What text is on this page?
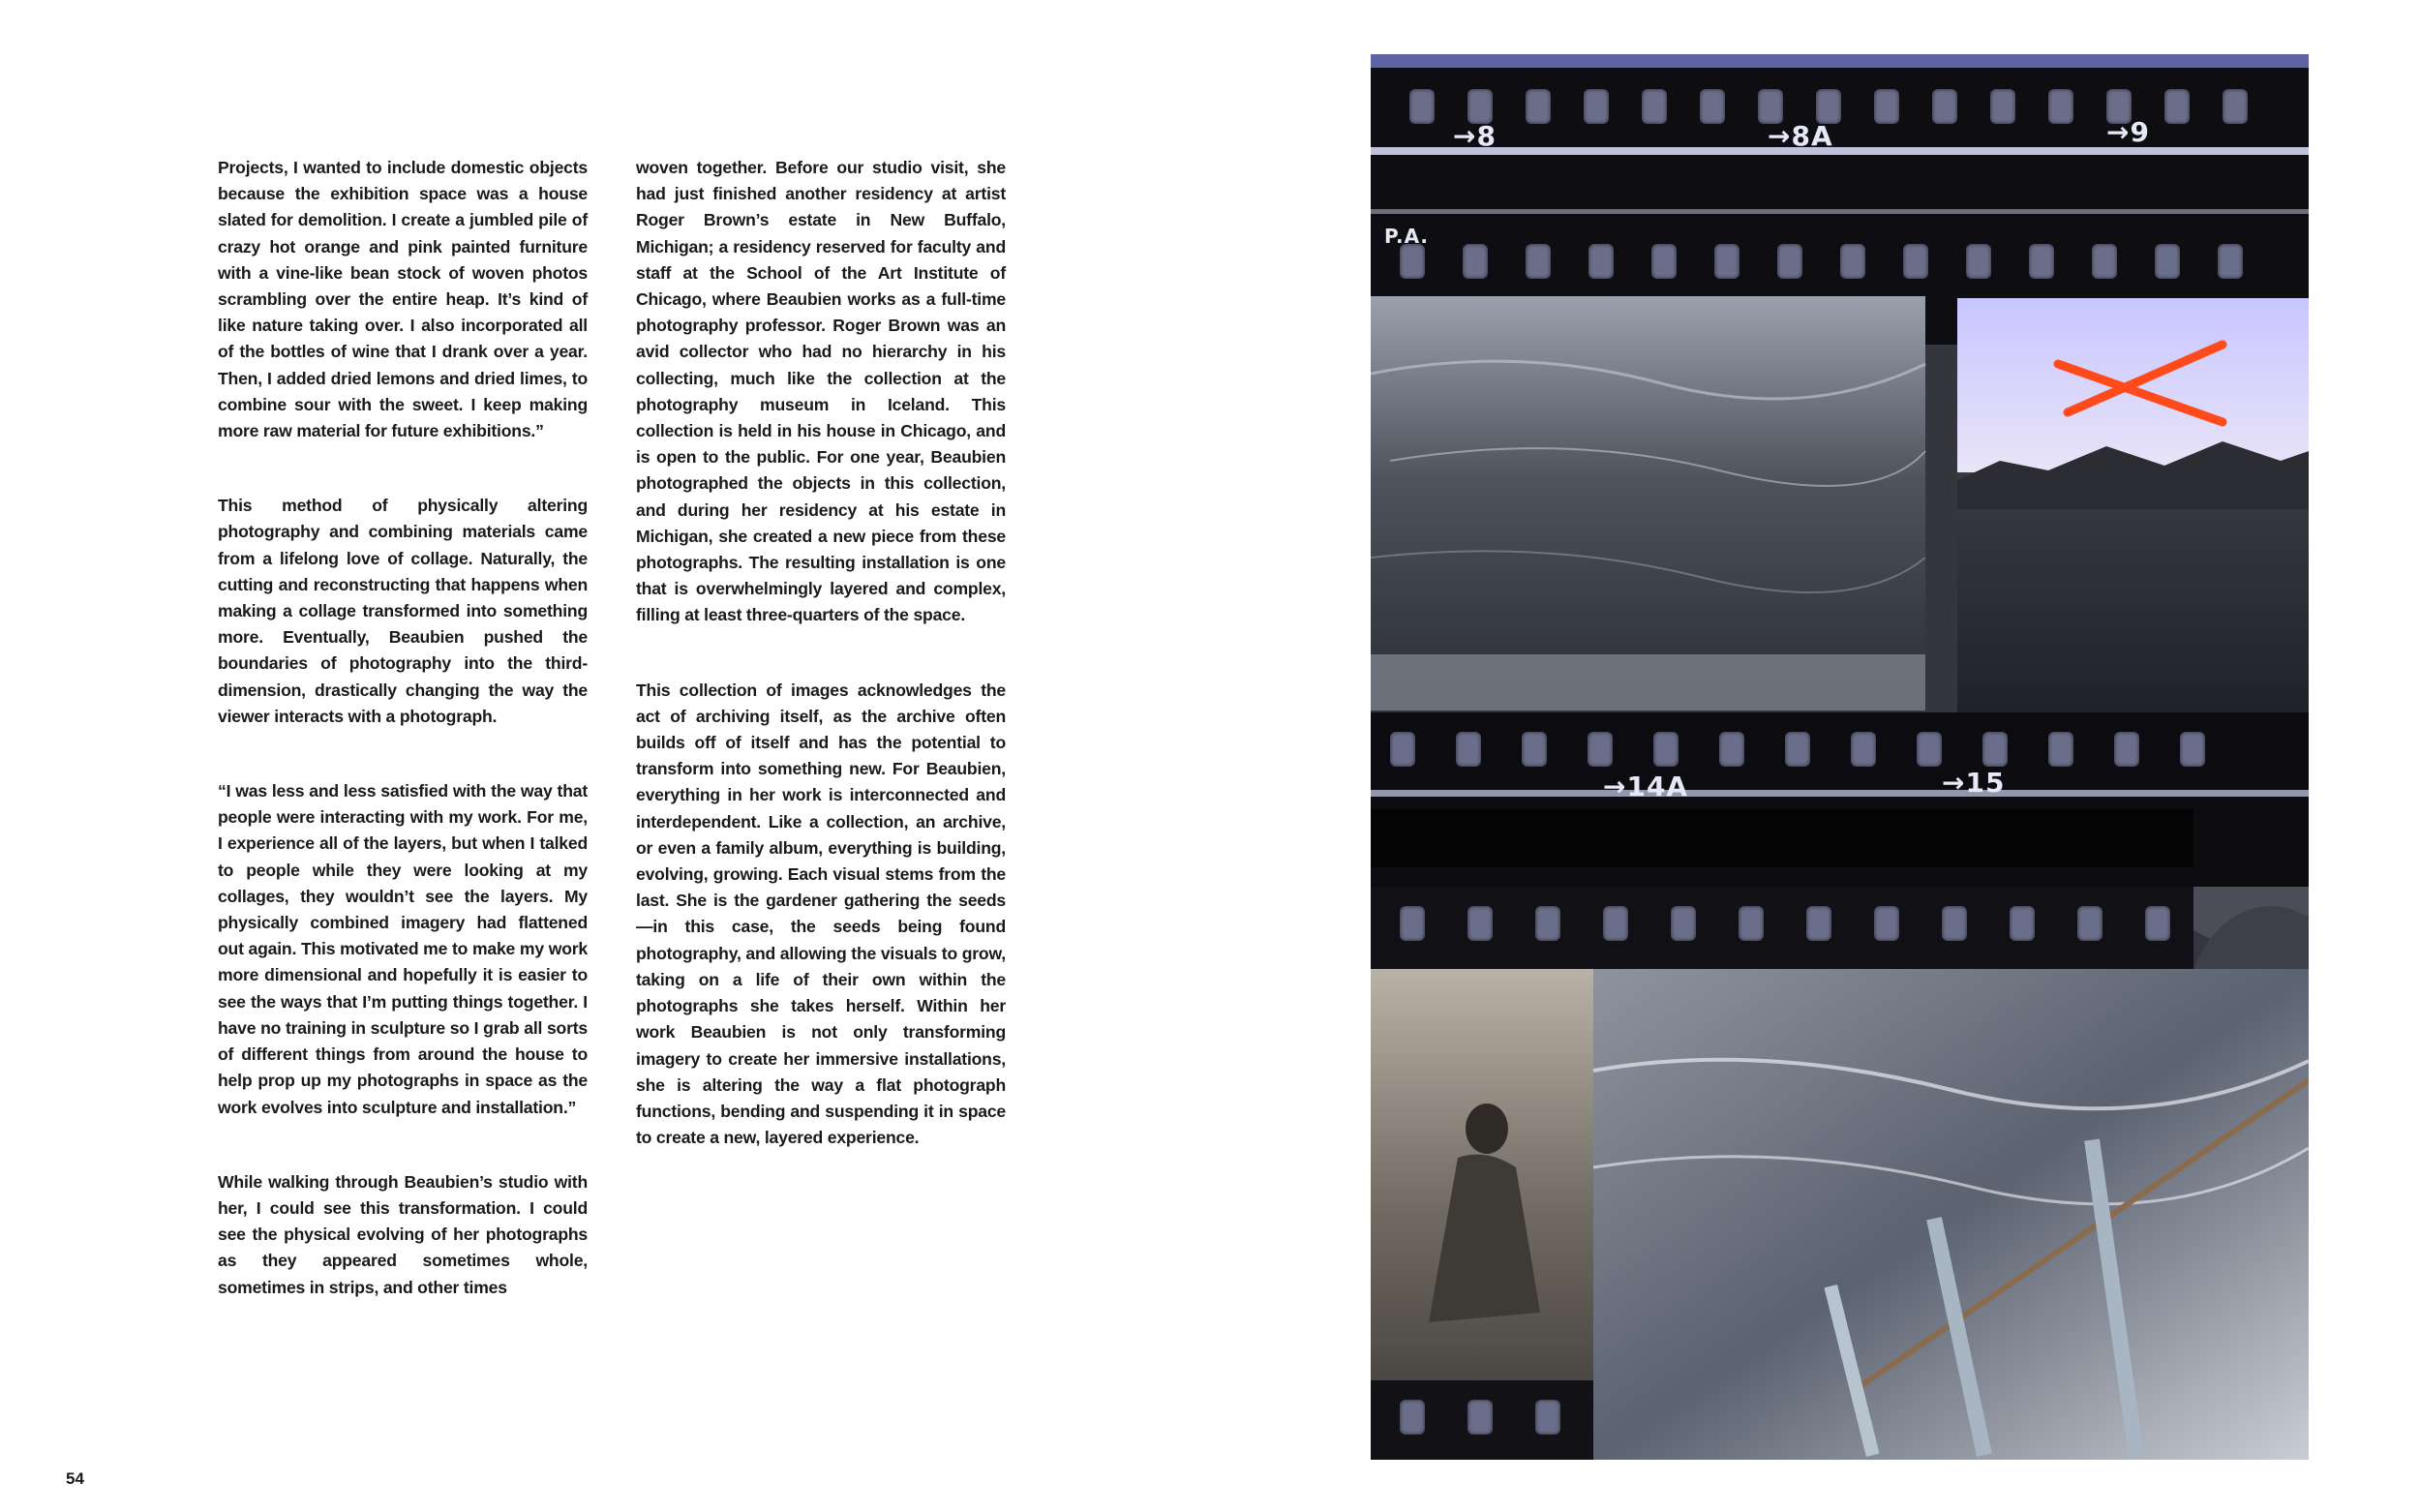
Projects, I wanted to include domestic objects because the exhibition space was a house slated for demolition. I create a jumbled pile of crazy hot orange and pink painted furniture with a vine-like bean stock of woven photos scrambling over the entire heap. It’s kind of like nature taking over. I also incorporated all of the bottles of wine that I drank over a year. Then, I added dried lemons and dried limes, to combine sour with the sweet. I keep making more raw material for future exhibitions.”

This method of physically altering photography and combining materials came from a lifelong love of collage. Naturally, the cutting and reconstructing that happens when making a collage transformed into something more. Eventually, Beaubien pushed the boundaries of photography into the third-dimension, drastically changing the way the viewer interacts with a photograph.

“I was less and less satisfied with the way that people were interacting with my work. For me, I experience all of the layers, but when I talked to people while they were looking at my collages, they wouldn’t see the layers. My physically combined imagery had flattened out again. This motivated me to make my work more dimensional and hopefully it is easier to see the ways that I’m putting things together. I have no training in sculpture so I grab all sorts of different things from around the house to help prop up my photographs in space as the work evolves into sculpture and installation.”

While walking through Beaubien’s studio with her, I could see this transformation. I could see the physical evolving of her photographs as they appeared sometimes whole, sometimes in strips, and other times

woven together. Before our studio visit, she had just finished another residency at artist Roger Brown’s estate in New Buffalo, Michigan; a residency reserved for faculty and staff at the School of the Art Institute of Chicago, where Beaubien works as a full-time photography professor. Roger Brown was an avid collector who had no hierarchy in his collecting, much like the collection at the photography museum in Iceland. This collection is held in his house in Chicago, and is open to the public. For one year, Beaubien photographed the objects in this collection, and during her residency at his estate in Michigan, she created a new piece from these photographs. The resulting installation is one that is overwhelmingly layered and complex, filling at least three-quarters of the space.

This collection of images acknowledges the act of archiving itself, as the archive often builds off of itself and has the potential to transform into something new. For Beaubien, everything in her work is interconnected and interdependent. Like a collection, an archive, or even a family album, everything is building, evolving, growing. Each visual stems from the last. She is the gardener gathering the seeds—in this case, the seeds being found photography, and allowing the visuals to grow, taking on a life of their own within the photographs she takes herself. Within her work Beaubien is not only transforming imagery to create her immersive installations, she is altering the way a flat photograph functions, bending and suspending it in space to create a new, layered experience.

54
→8	→8A	→9
→14A	→15
P.A.
